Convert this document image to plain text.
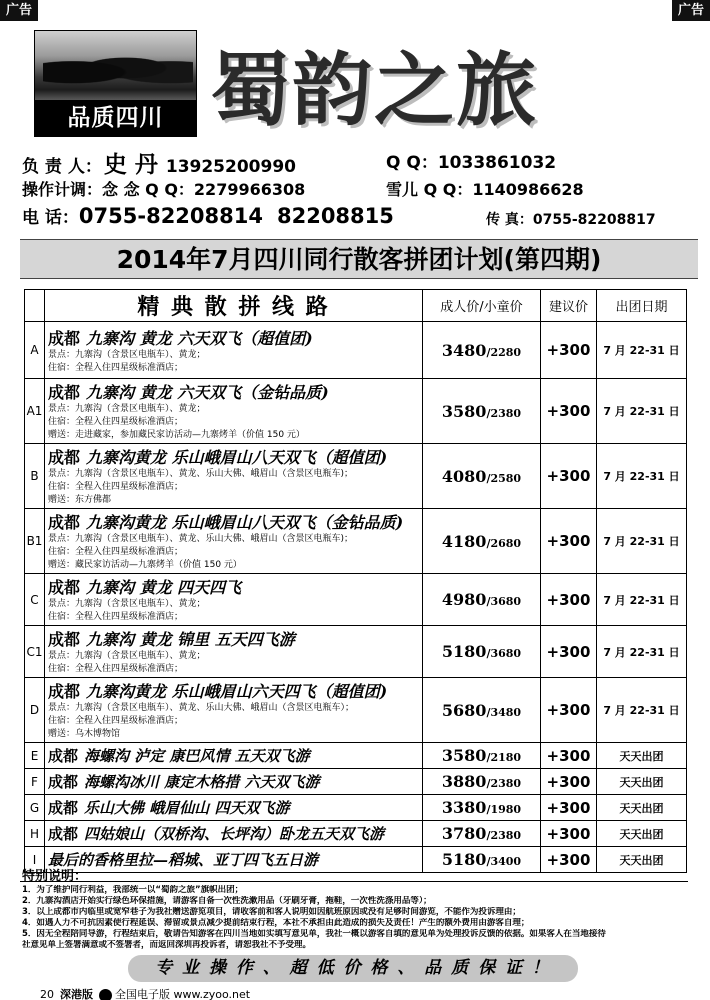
广告	广告
品质四川 蜀韵之旅
负 责 人：史 丹 13925200990	Q Q：1033861032
操作计调：念 念 Q Q：2279966308	雪儿 Q Q：1140986628
电 话：0755-82208814 82208815	传 真：0755-82208817
2014年7月四川同行散客拼团计划(第四期)
	精 典 散 拼 线 路	成人价/小童价	建议价	出团日期
A	成都 九寨沟 黄龙 六天双飞（超值团)
景点：九寨沟（含景区电瓶车）、黄龙；
住宿：全程入住四星级标准酒店；	3480/2280	+300	7 月 22-31 日
A1	成都 九寨沟 黄龙 六天双飞（金钻品质)
景点：九寨沟（含景区电瓶车）、黄龙；
住宿：全程入住四星级标准酒店；
赠送：走进藏家，参加藏民家访活动—九寨烤羊（价值 150 元）	3580/2380	+300	7 月 22-31 日
B	成都 九寨沟黄龙 乐山峨眉山八天双飞（超值团)
景点：九寨沟（含景区电瓶车）、黄龙、乐山大佛、峨眉山（含景区电瓶车)；
住宿：全程入住四星级标准酒店；
赠送：东方佛都	4080/2580	+300	7 月 22-31 日
B1	成都 九寨沟黄龙 乐山峨眉山八天双飞（金钻品质)
景点：九寨沟（含景区电瓶车）、黄龙、乐山大佛、峨眉山（含景区电瓶车)；
住宿：全程入住四星级标准酒店；
赠送：藏民家访活动—九寨烤羊（价值 150 元）	4180/2680	+300	7 月 22-31 日
C	成都 九寨沟 黄龙 四天四飞
景点：九寨沟（含景区电瓶车）、黄龙；
住宿：全程入住四星级标准酒店；	4980/3680	+300	7 月 22-31 日
C1	成都 九寨沟 黄龙 锦里 五天四飞游
景点：九寨沟（含景区电瓶车）、黄龙；
住宿：全程入住四星级标准酒店；	5180/3680	+300	7 月 22-31 日
D	成都 九寨沟黄龙 乐山峨眉山六天四飞（超值团)
景点：九寨沟（含景区电瓶车）、黄龙、乐山大佛、峨眉山（含景区电瓶车）；
住宿：全程入住四星级标准酒店；
赠送：乌木博物馆	5680/3480	+300	7 月 22-31 日
E	成都 海螺沟 泸定 康巴风情 五天双飞游	3580/2180	+300	天天出团
F	成都 海螺沟冰川 康定木格措 六天双飞游	3880/2380	+300	天天出团
G	成都 乐山大佛 峨眉仙山 四天双飞游	3380/1980	+300	天天出团
H	成都 四姑娘山（双桥沟、长坪沟）卧龙五天双飞游	3780/2380	+300	天天出团
I	最后的香格里拉—稻城、亚丁四飞五日游	5180/3400	+300	天天出团
特别说明：
1．为了维护同行利益，我部统一以“蜀韵之旅”旗帜出团；
2．九寨沟酒店开始实行绿色环保措施，请游客自备一次性洗漱用品（牙刷牙膏，拖鞋，一次性洗涤用品等）；
3．以上成都市内临里或宽窄巷子为我社赠送游览项目，请收客前和客人说明如因航班原因或没有足够时间游览，不能作为投诉理由；
4．如遇人力不可抗因素使行程延误、滞留或景点减少提前结束行程，本社不承担由此造成的损失及责任！产生的额外费用由游客自理；
5．因无全程陪同导游，行程结束后，敬请告知游客在四川当地如实填写意见单，我社一概以游客自填的意见单为处理投诉反馈的依据。如果客人在当地接待
社意见单上签署满意或不签署者，而返回深圳再投诉者，请恕我社不予受理。
专 业 操 作 、 超 低 价 格 、 品 质 保 证 ！
20 深港版 全国电子版 www.zyoo.net
